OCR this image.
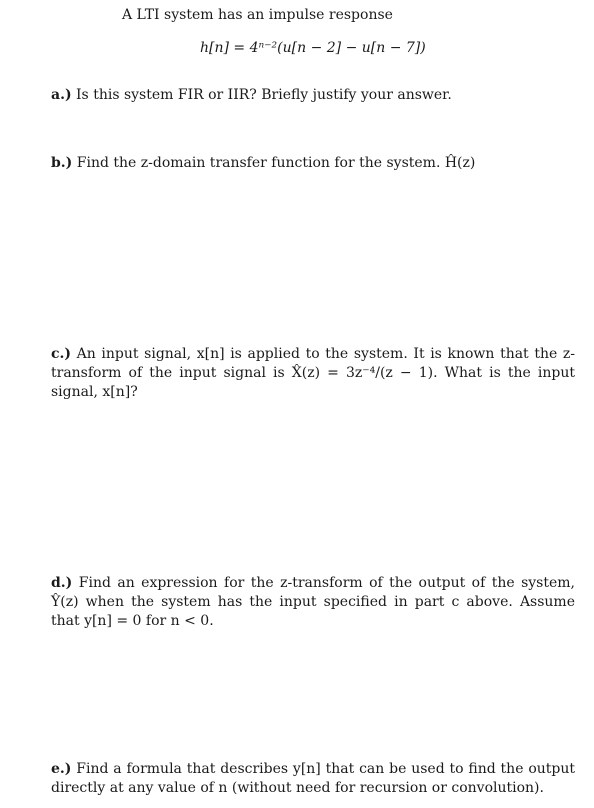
A LTI system has an impulse response
h[n] = 4ⁿ⁻²(u[n − 2] − u[n − 7])
a.) Is this system FIR or IIR? Briefly justify your answer.
b.) Find the z-domain transfer function for the system. Ĥ(z)
c.) An input signal, x[n] is applied to the system. It is known that the z-transform of the input signal is X̂(z) = 3z⁻⁴/(z − 1). What is the input signal, x[n]?
d.) Find an expression for the z-transform of the output of the system, Ŷ(z) when the system has the input specified in part c above. Assume that y[n] = 0 for n < 0.
e.) Find a formula that describes y[n] that can be used to find the output directly at any value of n (without need for recursion or convolution).
